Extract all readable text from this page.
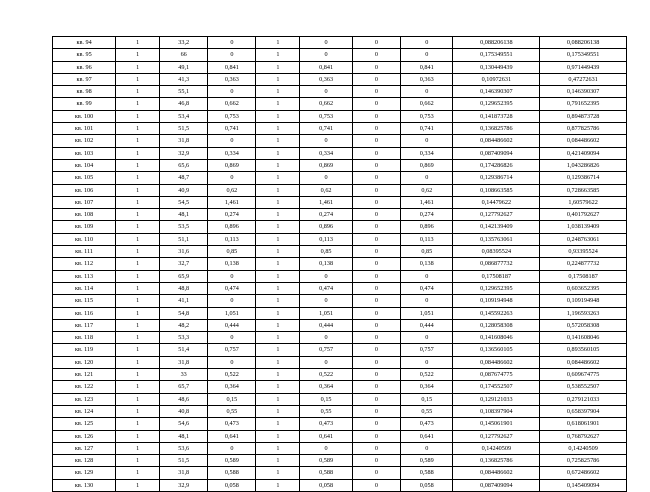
кв. 94	1	33,2	0	1	0	0	0	0,088206138	0,088206138
кв. 95	1	66	0	1	0	0	0	0,175349551	0,175349551
кв. 96	1	49,1	0,841	1	0,841	0	0,841	0,130449439	0,971449439
кв. 97	1	41,3	0,363	1	0,363	0	0,363	0,10972631	0,47272631
кв. 98	1	55,1	0	1	0	0	0	0,146390307	0,146390307
кв. 99	1	46,8	0,662	1	0,662	0	0,662	0,129652395	0,791652395
кв. 100	1	53,4	0,753	1	0,753	0	0,753	0,141873728	0,894873728
кв. 101	1	51,5	0,741	1	0,741	0	0,741	0,136825786	0,877825786
кв. 102	1	31,8	0	1	0	0	0	0,084486602	0,084486602
кв. 103	1	32,9	0,334	1	0,334	0	0,334	0,087409094	0,421409094
кв. 104	1	65,6	0,869	1	0,869	0	0,869	0,174286826	1,043286826
кв. 105	1	48,7	0	1	0	0	0	0,129386714	0,129386714
кв. 106	1	40,9	0,62	1	0,62	0	0,62	0,108663585	0,728663585
кв. 107	1	54,5	1,461	1	1,461	0	1,461	0,14479622	1,60579622
кв. 108	1	48,1	0,274	1	0,274	0	0,274	0,127792627	0,401792627
кв. 109	1	53,5	0,896	1	0,896	0	0,896	0,142139409	1,038139409
кв. 110	1	51,1	0,113	1	0,113	0	0,113	0,135763061	0,248763061
кв. 111	1	31,6	0,85	1	0,85	0	0,85	0,08395524	0,93395524
кв. 112	1	32,7	0,138	1	0,138	0	0,138	0,086877732	0,224877732
кв. 113	1	65,9	0	1	0	0	0	0,17508187	0,17508187
кв. 114	1	48,8	0,474	1	0,474	0	0,474	0,129652395	0,603652395
кв. 115	1	41,1	0	1	0	0	0	0,109194948	0,109194948
кв. 116	1	54,8	1,051	1	1,051	0	1,051	0,145592263	1,196593263
кв. 117	1	48,2	0,444	1	0,444	0	0,444	0,128058308	0,572058308
кв. 118	1	53,3	0	1	0	0	0	0,141608046	0,141608046
кв. 119	1	51,4	0,757	1	0,757	0	0,757	0,136560105	0,893560105
кв. 120	1	31,8	0	1	0	0	0	0,084486602	0,084486602
кв. 121	1	33	0,522	1	0,522	0	0,522	0,087674775	0,609674775
кв. 122	1	65,7	0,364	1	0,364	0	0,364	0,174552507	0,538552507
кв. 123	1	48,6	0,15	1	0,15	0	0,15	0,129121033	0,279121033
кв. 124	1	40,8	0,55	1	0,55	0	0,55	0,108397904	0,658397904
кв. 125	1	54,6	0,473	1	0,473	0	0,473	0,145061901	0,618061901
кв. 126	1	48,1	0,641	1	0,641	0	0,641	0,127792627	0,768792627
кв. 127	1	53,6	0	1	0	0	0	0,14240509	0,14240509
кв. 128	1	51,5	0,589	1	0,589	0	0,589	0,136825786	0,725825786
кв. 129	1	31,8	0,588	1	0,588	0	0,588	0,084486602	0,672486602
кв. 130	1	32,9	0,058	1	0,058	0	0,058	0,087409094	0,145409094
